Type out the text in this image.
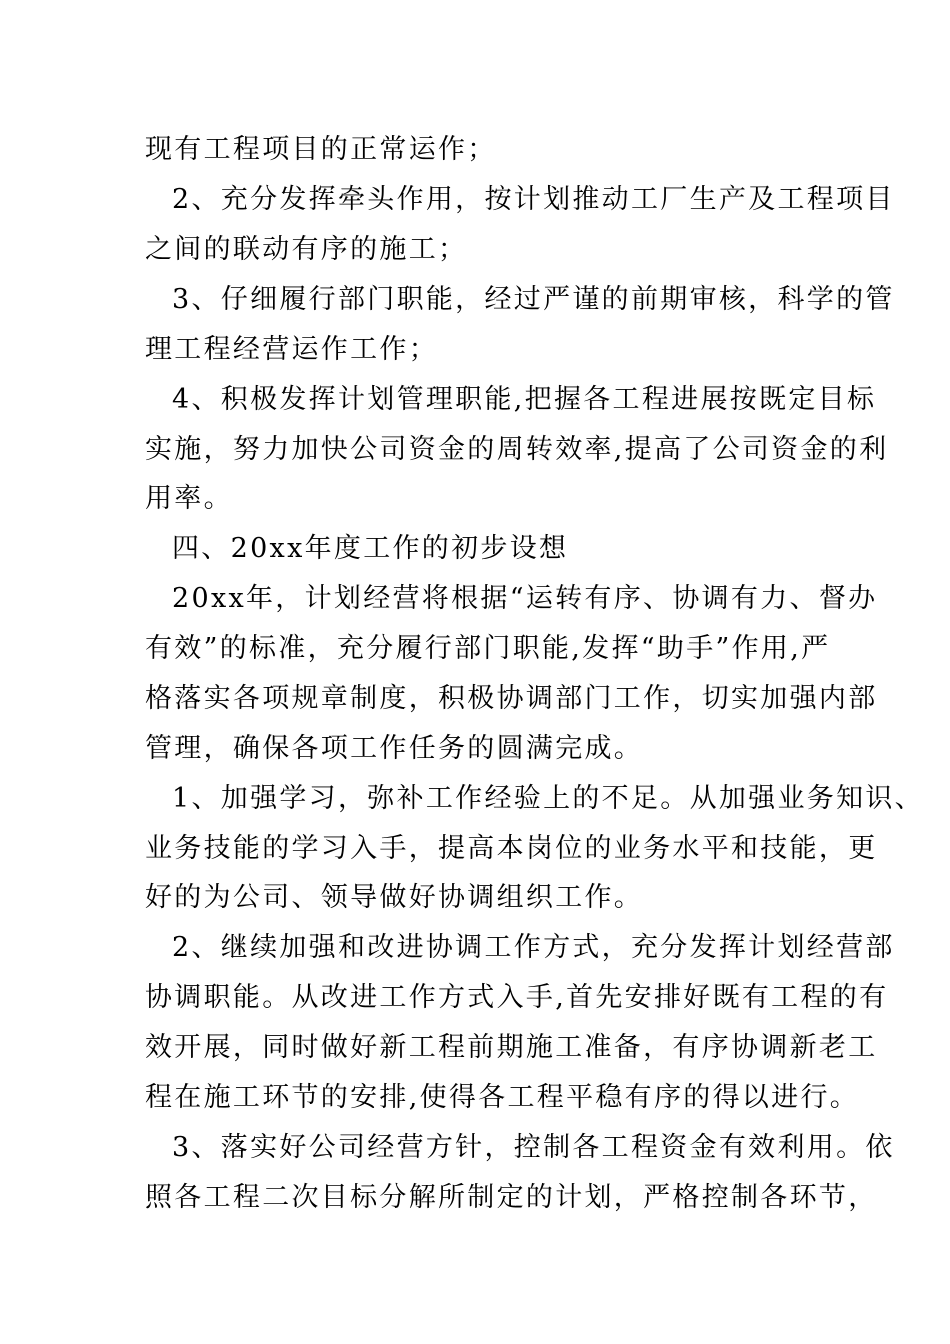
现有工程项目的正常运作；
2、充分发挥牵头作用，按计划推动工厂生产及工程项目
之间的联动有序的施工；
3、仔细履行部门职能，经过严谨的前期审核，科学的管
理工程经营运作工作；
4、积极发挥计划管理职能,把握各工程进展按既定目标
实施，努力加快公司资金的周转效率,提高了公司资金的利
用率。
四、20xx年度工作的初步设想
20xx年，计划经营将根据“运转有序、协调有力、督办
有效”的标准，充分履行部门职能,发挥“助手”作用,严
格落实各项规章制度，积极协调部门工作，切实加强内部
管理，确保各项工作任务的圆满完成。
1、加强学习，弥补工作经验上的不足。从加强业务知识、
业务技能的学习入手，提高本岗位的业务水平和技能，更
好的为公司、领导做好协调组织工作。
2、继续加强和改进协调工作方式，充分发挥计划经营部
协调职能。从改进工作方式入手,首先安排好既有工程的有
效开展，同时做好新工程前期施工准备，有序协调新老工
程在施工环节的安排,使得各工程平稳有序的得以进行。
3、落实好公司经营方针，控制各工程资金有效利用。依
照各工程二次目标分解所制定的计划，严格控制各环节，
